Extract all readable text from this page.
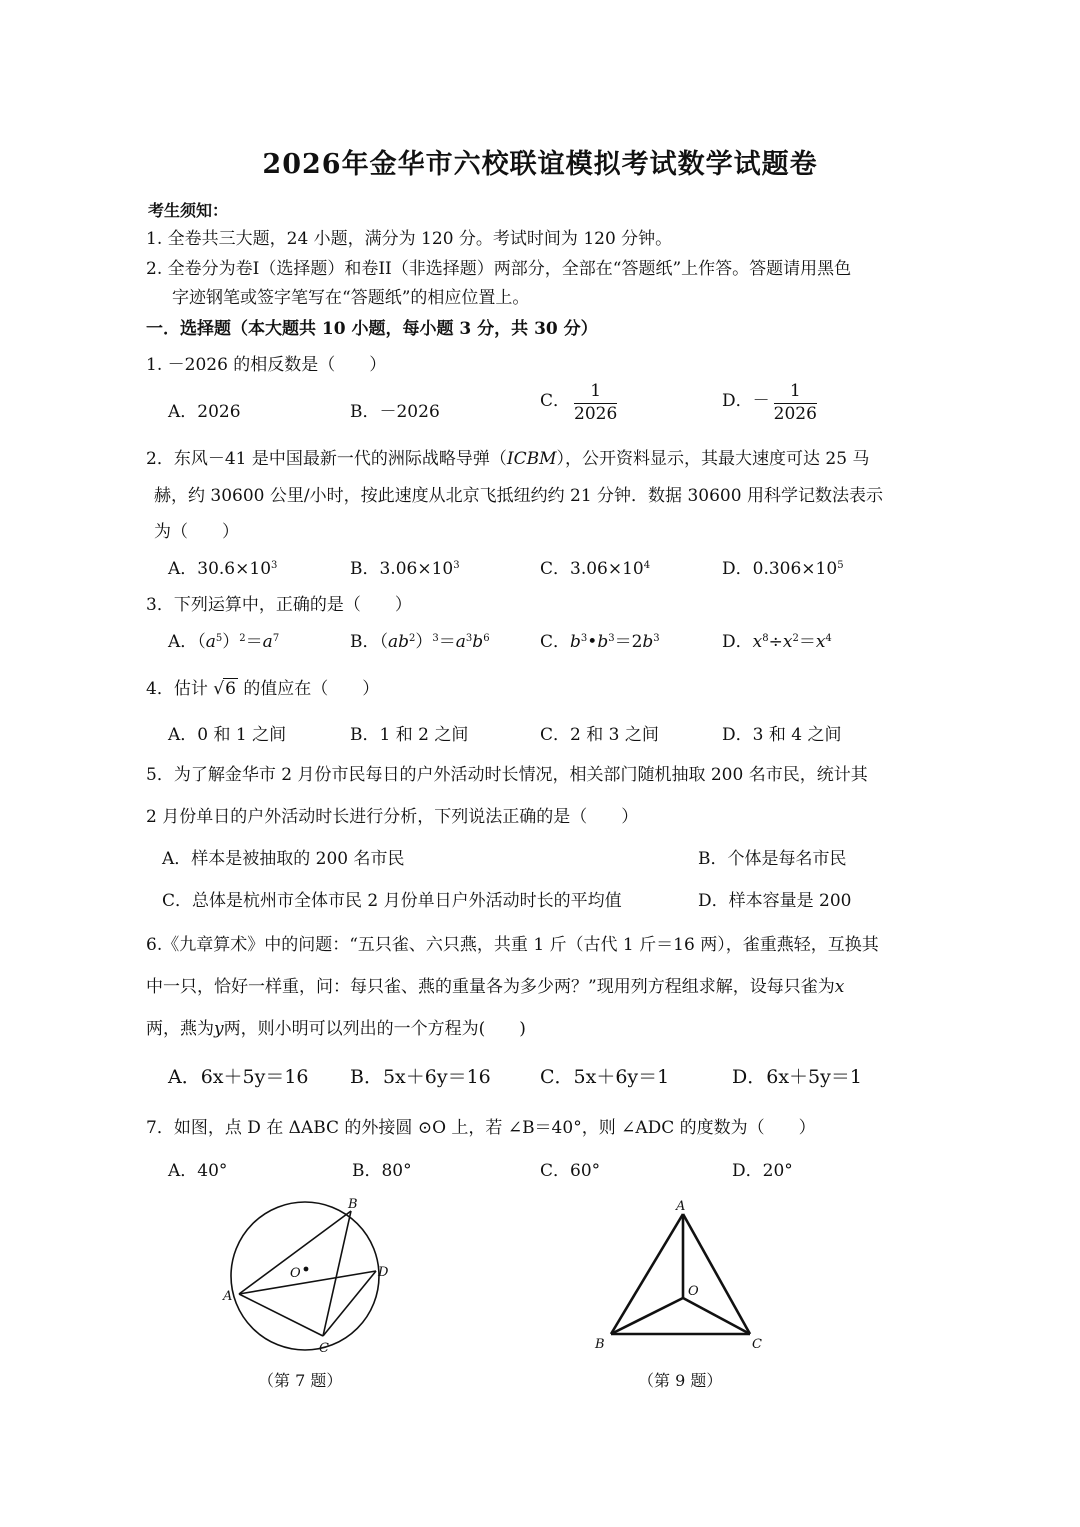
2026年金华市六校联谊模拟考试数学试题卷
考生须知：
1. 全卷共三大题，24 小题，满分为 120 分。考试时间为 120 分钟。
2. 全卷分为卷I（选择题）和卷II（非选择题）两部分，全部在“答题纸”上作答。答题请用黑色
字迹钢笔或签字笔写在“答题纸”的相应位置上。
一．选择题（本大题共 10 小题，每小题 3 分，共 30 分）
1. －2026 的相反数是（　　）
A．2026	B．－2026
C． $\frac{1}{2026}$	D．－ $\frac{1}{2026}$
2．东风－41 是中国最新一代的洲际战略导弹（ICBM），公开资料显示，其最大速度可达 25 马
赫，约 30600 公里/小时，按此速度从北京飞抵纽约约 21 分钟．数据 30600 用科学记数法表示
为（　　）
A．$30.6\times 10^3$	B．$3.06\times 10^3$	C．$3.06\times 10^4$	D．$0.306\times 10^5$
3．下列运算中，正确的是（　　）
A．$(a^5)^2=a^7$	B．$(ab^2)^3=a^3b^6$	C．$b^3•b^3=2b^3$	D．$x^8\div x^2=x^4$
4．估计 √6 的值应在（　　）
A．0 和 1 之间	B．1 和 2 之间	C．2 和 3 之间	D．3 和 4 之间
5．为了解金华市 2 月份市民每日的户外活动时长情况，相关部门随机抽取 200 名市民，统计其
2 月份单日的户外活动时长进行分析，下列说法正确的是（　　）
A．样本是被抽取的 200 名市民	B．个体是每名市民
C．总体是杭州市全体市民 2 月份单日户外活动时长的平均值	D．样本容量是 200
6.《九章算术》中的问题：“五只雀、六只燕，共重 1 斤（古代 1 斤＝16 两），雀重燕轻，互换其
中一只，恰好一样重，问：每只雀、燕的重量各为多少两？”现用列方程组求解，设每只雀为x
两，燕为y两，则小明可以列出的一个方程为(　　)
A．6x＋5y＝16 B．5x＋6y＝16	C．5x＋6y＝1	D．6x＋5y＝1
7．如图，点 D 在 ΔABC 的外接圆 ⊙O 上，若 ∠B＝40°，则 ∠ADC 的度数为（　　）
A．40°	B．80°	C．60°	D．20°
O
A
B
C
D
（第 7 题）
A
O
B	C
（第 9 题）
